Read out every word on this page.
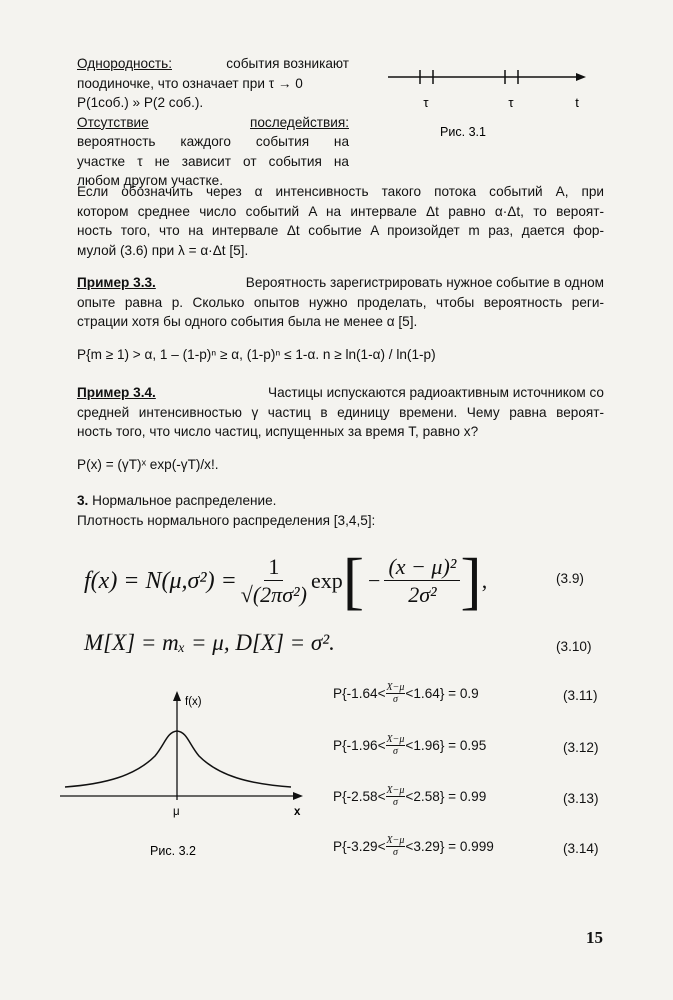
Однородность:	события возникают
поодиночке, что означает при τ → 0
P(1соб.) » P(2 соб.).
Отсутствие	последействия:
вероятность каждого события на
участке τ не зависит от события на
любом другом участке.
τ	τ	t
Рис. 3.1
Если обозначить через α интенсивность такого потока событий A, при
котором среднее число событий A на интервале Δt равно α·Δt, то вероят-
ность того, что на интервале Δt событие A произойдет m раз, дается фор-
мулой (3.6) при λ = α·Δt [5].
Пример 3.3.	Вероятность зарегистрировать нужное событие в одном
опыте равна p. Сколько опытов нужно проделать, чтобы вероятность реги-
страции хотя бы одного события была не менее α [5].
P{m ≥ 1) > α, 1 – (1-p)ⁿ ≥ α, (1-p)ⁿ ≤ 1-α. n ≥ ln(1-α) / ln(1-p)
Пример 3.4.	Частицы испускаются радиоактивным источником со
средней интенсивностью γ частиц в единицу времени. Чему равна вероят-
ность того, что число частиц, испущенных за время T, равно x?
P(x) = (γT)ˣ exp(-γT)/x!.
3. Нормальное распределение.
Плотность нормального распределения [3,4,5]:
$f(x) = N(\mu,\sigma^2) = \frac{1}{\text{√(2πσ²)}}$ exp [ − $\frac{\text{(x − μ)²}}{\text{2σ²}}$ ] ,	(3.9)
M[X] = mₓ = μ, D[X] = σ².	(3.10)
f(x)
μ	x
Рис. 3.2
$P\{-1.64< \frac{X-\mu}{\sigma} <1.64\} = 0.9$	(3.11)
$P\{-1.96< \frac{X-\mu}{\sigma} <1.96\} = 0.95$	(3.12)
$P\{-2.58< \frac{X-\mu}{\sigma} <2.58\} = 0.99$	(3.13)
$P\{-3.29< \frac{X-\mu}{\sigma} <3.29\} = 0.999$	(3.14)
15
